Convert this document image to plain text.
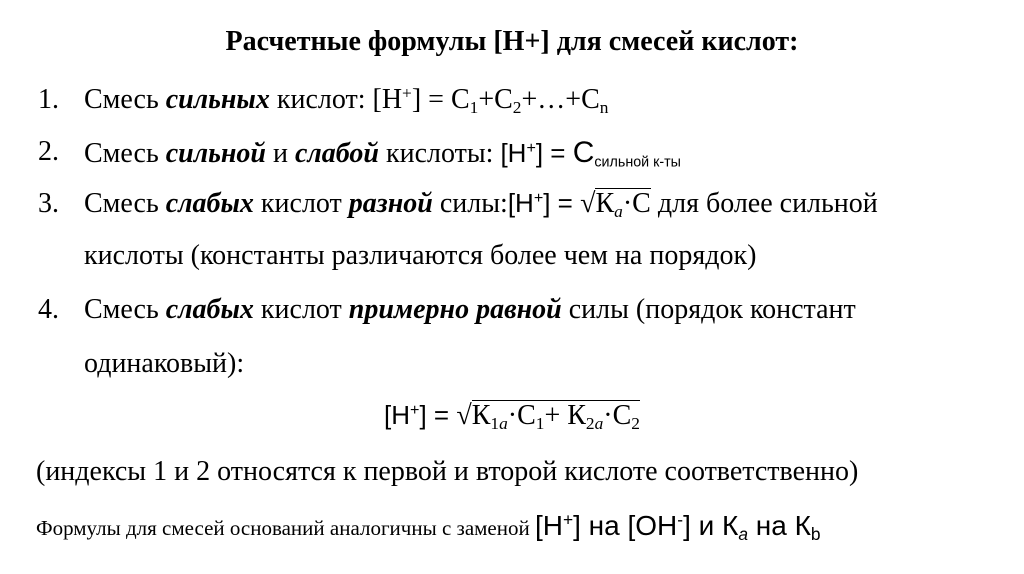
Расчетные формулы [H+] для смесей кислот:
1. Смесь сильных кислот: $[H^+] = C_1+C_2+\dots+C_n$
2. Смесь сильной и слабой кислоты: $[H^+] = C_{сильной к-ты}$
3. Смесь слабых кислот разной силы:[H+] = $√К_a\cdot C$ для более сильной
кислоты (константы различаются более чем на порядок)
4. Смесь слабых кислот примерно равной силы (порядок констант
одинаковый):
$[H^+] = √К_{1a}\cdot C_1+ К_{2a}\cdot C_2$
(индексы 1 и 2 относятся к первой и второй кислоте соответственно)
Формулы для смесей оснований аналогичны с заменой [H+] на [OH-] и $К_a$ на $К_b$
